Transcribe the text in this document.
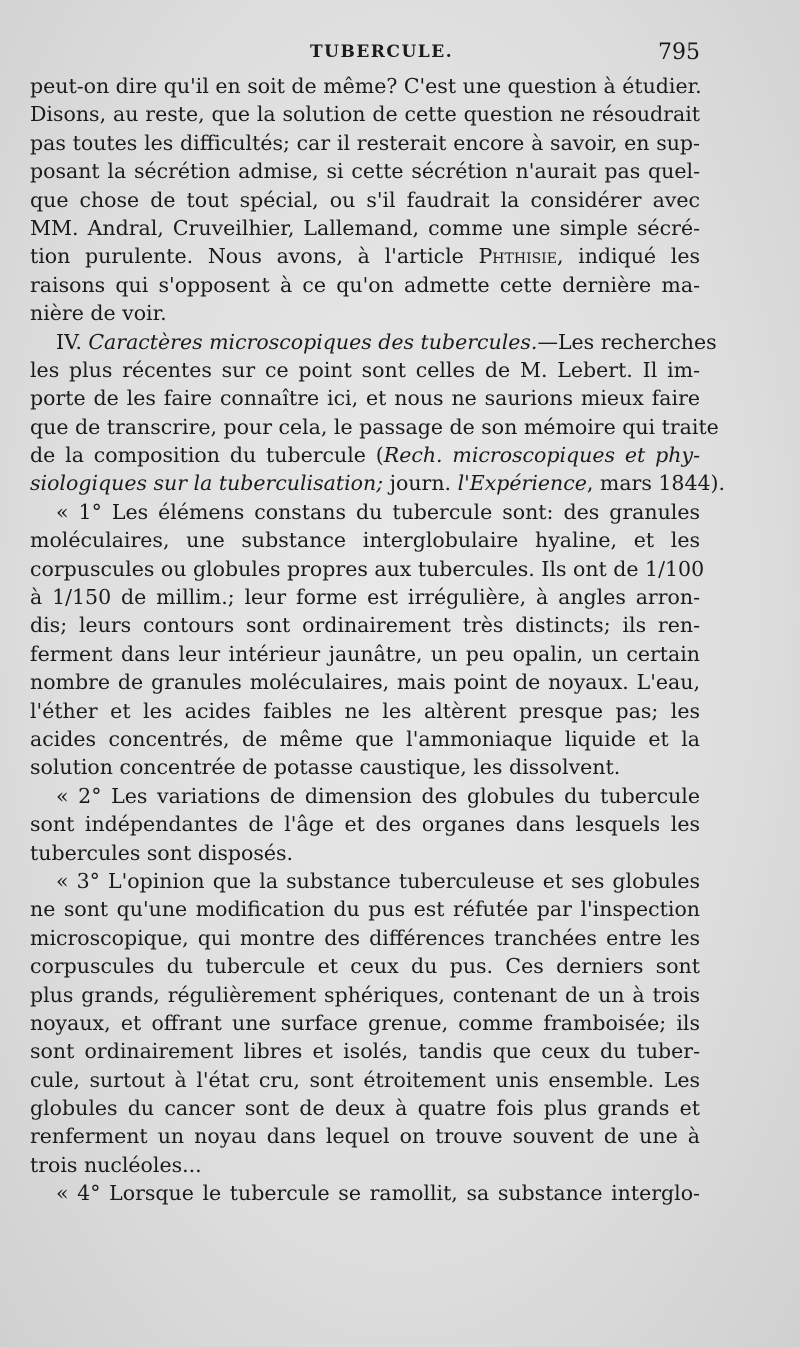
TUBERCULE.	795
peut-on dire qu'il en soit de même? C'est une question à étudier.
Disons, au reste, que la solution de cette question ne résoudrait
pas toutes les difficultés; car il resterait encore à savoir, en sup-
posant la sécrétion admise, si cette sécrétion n'aurait pas quel-
que chose de tout spécial, ou s'il faudrait la considérer avec
MM. Andral, Cruveilhier, Lallemand, comme une simple sécré-
tion purulente. Nous avons, à l'article Phthisie, indiqué les
raisons qui s'opposent à ce qu'on admette cette dernière ma-
nière de voir.
IV. Caractères microscopiques des tubercules.—Les recherches
les plus récentes sur ce point sont celles de M. Lebert. Il im-
porte de les faire connaître ici, et nous ne saurions mieux faire
que de transcrire, pour cela, le passage de son mémoire qui traite
de la composition du tubercule (Rech. microscopiques et phy-
siologiques sur la tuberculisation; journ. l'Expérience, mars 1844).
« 1° Les élémens constans du tubercule sont: des granules
moléculaires, une substance interglobulaire hyaline, et les
corpuscules ou globules propres aux tubercules. Ils ont de 1/100
à 1/150 de millim.; leur forme est irrégulière, à angles arron-
dis; leurs contours sont ordinairement très distincts; ils ren-
ferment dans leur intérieur jaunâtre, un peu opalin, un certain
nombre de granules moléculaires, mais point de noyaux. L'eau,
l'éther et les acides faibles ne les altèrent presque pas; les
acides concentrés, de même que l'ammoniaque liquide et la
solution concentrée de potasse caustique, les dissolvent.
« 2° Les variations de dimension des globules du tubercule
sont indépendantes de l'âge et des organes dans lesquels les
tubercules sont disposés.
« 3° L'opinion que la substance tuberculeuse et ses globules
ne sont qu'une modification du pus est réfutée par l'inspection
microscopique, qui montre des différences tranchées entre les
corpuscules du tubercule et ceux du pus. Ces derniers sont
plus grands, régulièrement sphériques, contenant de un à trois
noyaux, et offrant une surface grenue, comme framboisée; ils
sont ordinairement libres et isolés, tandis que ceux du tuber-
cule, surtout à l'état cru, sont étroitement unis ensemble. Les
globules du cancer sont de deux à quatre fois plus grands et
renferment un noyau dans lequel on trouve souvent de une à
trois nucléoles...
« 4° Lorsque le tubercule se ramollit, sa substance interglo-
